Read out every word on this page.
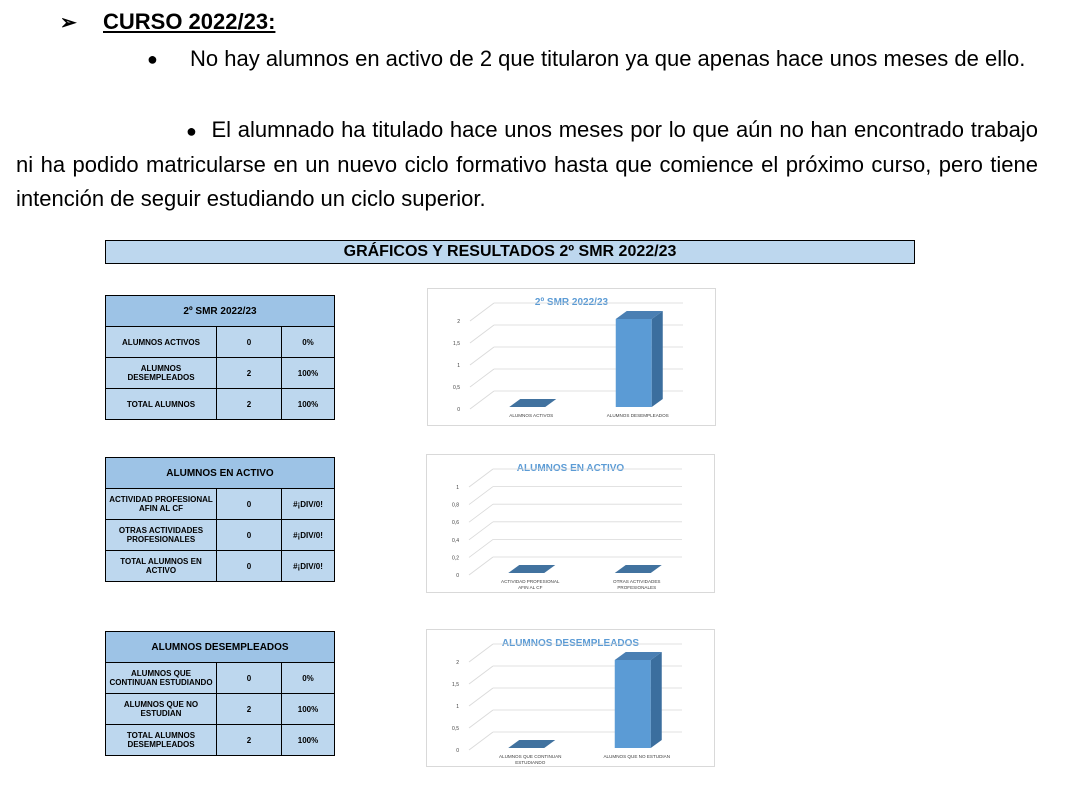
➢ CURSO 2022/23:
● No hay alumnos en activo de 2 que titularon ya que apenas hace unos meses de ello.
● El alumnado ha titulado hace unos meses por lo que aún no han encontrado trabajo ni ha podido matricularse en un nuevo ciclo formativo hasta que comience el próximo curso, pero tiene intención de seguir estudiando un ciclo superior.
GRÁFICOS Y RESULTADOS 2º SMR 2022/23
2º SMR 2022/23		
ALUMNOS ACTIVOS	0	0%
ALUMNOS DESEMPLEADOS	2	100%
TOTAL ALUMNOS	2	100%
ALUMNOS EN ACTIVO		
ACTIVIDAD PROFESIONAL AFIN AL CF	0	#¡DIV/0!
OTRAS ACTIVIDADES PROFESIONALES	0	#¡DIV/0!
TOTAL ALUMNOS EN ACTIVO	0	#¡DIV/0!
ALUMNOS DESEMPLEADOS		
ALUMNOS QUE CONTINUAN ESTUDIANDO	0	0%
ALUMNOS QUE NO ESTUDIAN	2	100%
TOTAL ALUMNOS DESEMPLEADOS	2	100%
2º SMR 2022/23
0
0,5
1
1,5
2
ALUMNOS ACTIVOS	ALUMNOS DESEMPLEADOS
ALUMNOS EN ACTIVO
0
0,2
0,4
0,6
0,8
1
ACTIVIDAD PROFESIONAL
AFIN AL CF
OTRAS ACTIVIDADES
PROFESIONALES
ALUMNOS DESEMPLEADOS
0
0,5
1
1,5
2
ALUMNOS QUE CONTINUAN
ESTUDIANDO
ALUMNOS QUE NO ESTUDIAN
